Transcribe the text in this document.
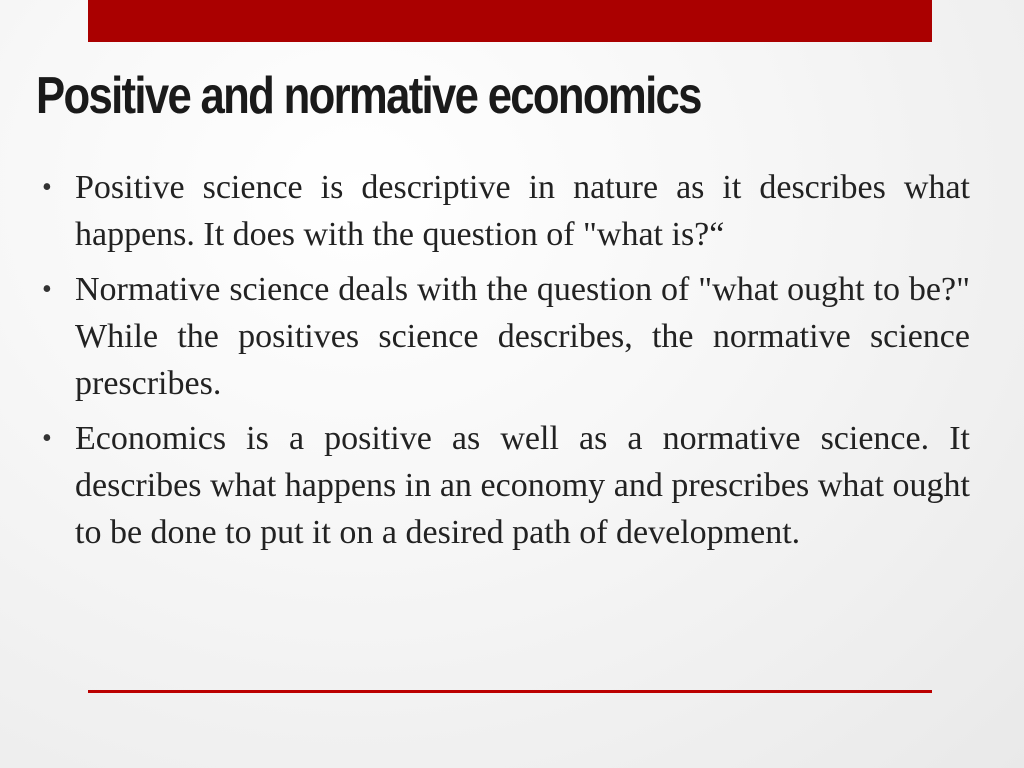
Positive and normative economics
• Positive science is descriptive in nature as it describes what happens. It does with the question of "what is?“
• Normative science deals with the question of "what ought to be?" While the positives science describes, the normative science prescribes.
• Economics is a positive as well as a normative science. It describes what happens in an economy and prescribes what ought to be done to put it on a desired path of development.
